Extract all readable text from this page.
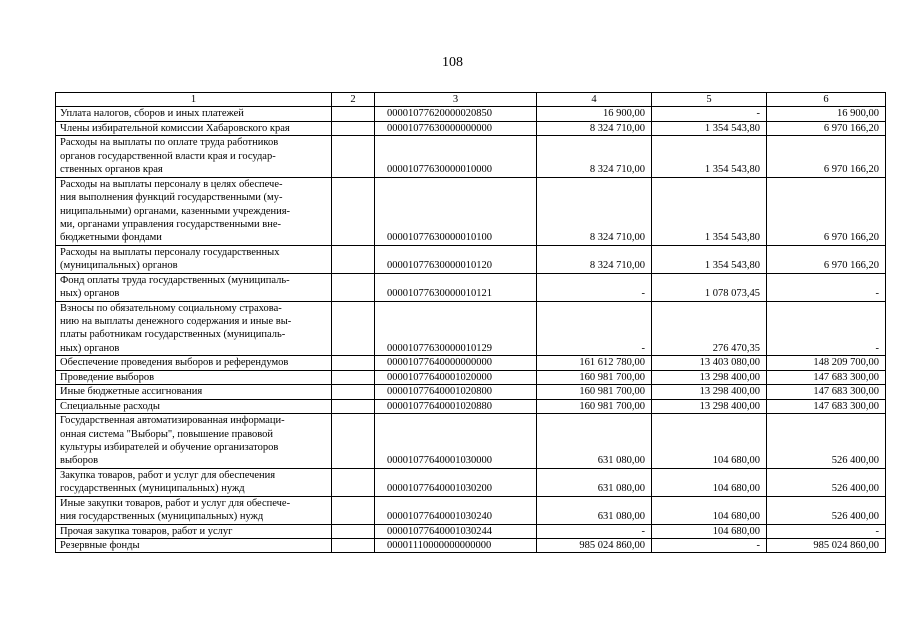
108
1	2	3	4	5	6

Уплата налогов, сборов и иных платежей		00001077620000020850	16 900,00	-	16 900,00

Члены избирательной комиссии Хабаровского края		00001077630000000000	8 324 710,00	1 354 543,80	6 970 166,20

Расходы на выплаты по оплате труда работников
органов государственной власти края и государ-
ственных органов края		00001077630000010000	8 324 710,00	1 354 543,80	6 970 166,20

Расходы на выплаты персоналу в целях обеспече-
ния выполнения функций государственными (му-
ниципальными) органами, казенными учреждения-
ми, органами управления государственными вне-
бюджетными фондами		00001077630000010100	8 324 710,00	1 354 543,80	6 970 166,20

Расходы на выплаты персоналу государственных
(муниципальных) органов		00001077630000010120	8 324 710,00	1 354 543,80	6 970 166,20

Фонд оплаты труда государственных (муниципаль-
ных) органов		00001077630000010121	-	1 078 073,45	-

Взносы по обязательному социальному страхова-
нию на выплаты денежного содержания и иные вы-
платы работникам государственных (муниципаль-
ных) органов		00001077630000010129	-	276 470,35	-

Обеспечение проведения выборов и референдумов		00001077640000000000	161 612 780,00	13 403 080,00	148 209 700,00

Проведение выборов		00001077640001020000	160 981 700,00	13 298 400,00	147 683 300,00

Иные бюджетные ассигнования		00001077640001020800	160 981 700,00	13 298 400,00	147 683 300,00

Специальные расходы		00001077640001020880	160 981 700,00	13 298 400,00	147 683 300,00

Государственная автоматизированная информаци-
онная система "Выборы", повышение правовой
культуры избирателей и обучение организаторов
выборов		00001077640001030000	631 080,00	104 680,00	526 400,00

Закупка товаров, работ и услуг для обеспечения
государственных (муниципальных) нужд		00001077640001030200	631 080,00	104 680,00	526 400,00

Иные закупки товаров, работ и услуг для обеспече-
ния государственных (муниципальных) нужд		00001077640001030240	631 080,00	104 680,00	526 400,00

Прочая закупка товаров, работ и услуг		00001077640001030244	-	104 680,00	-

Резервные фонды		00001110000000000000	985 024 860,00	-	985 024 860,00
